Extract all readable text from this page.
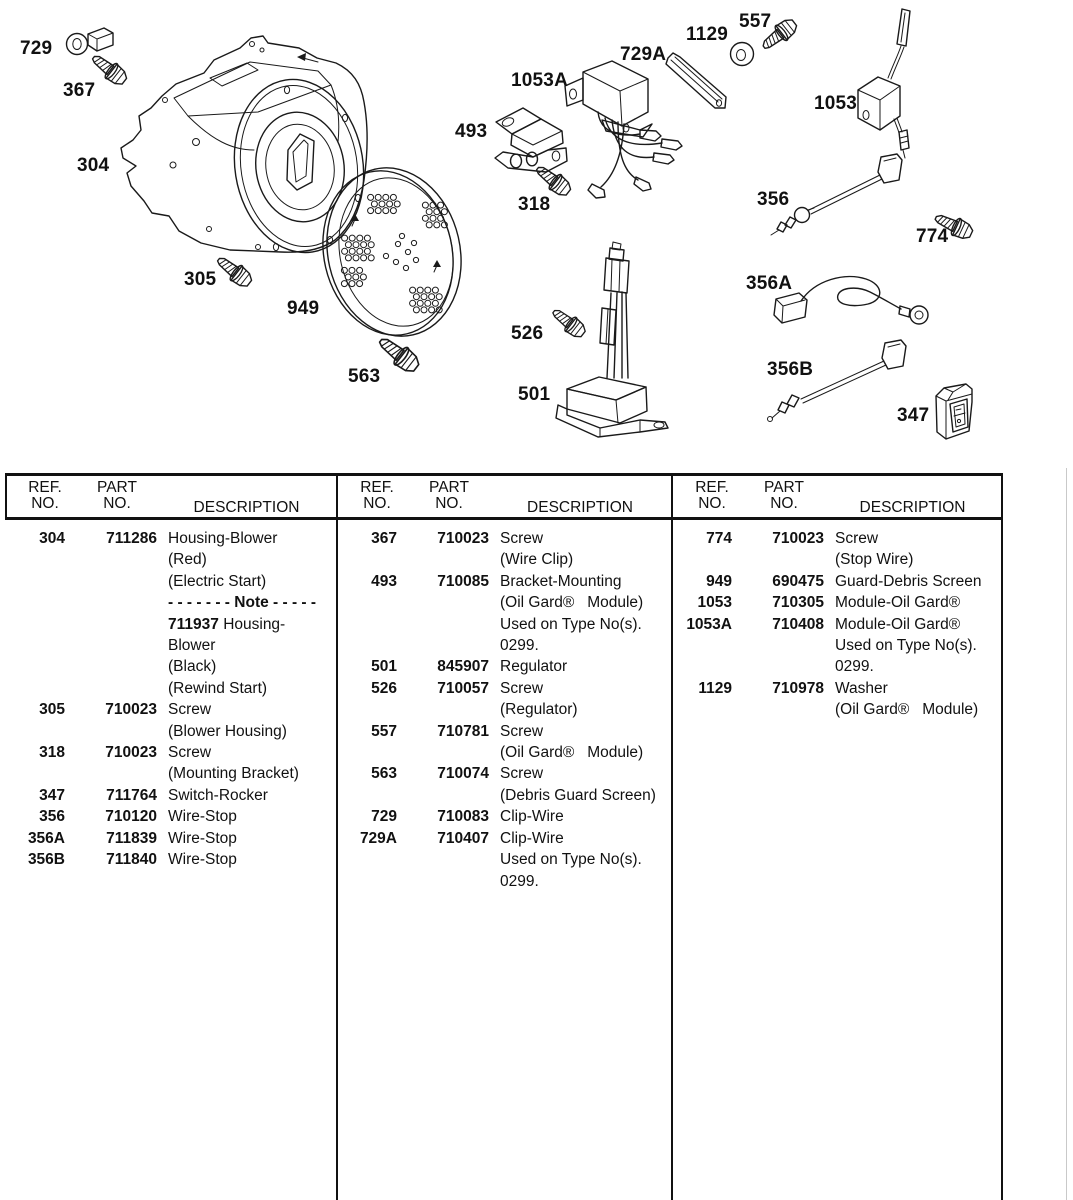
729
367
304
305
949
563
493
318
1053A
526
501
729A
1129
557
1053
356
774
356A
356B
347
REF.
NO.
PART
NO.	DESCRIPTION
304	711286 Housing-Blower
(Red)
(Electric Start)
- - - - - - - Note - - - - -
711937 Housing-
Blower
(Black)
(Rewind Start)
305	710023 Screw
(Blower Housing)
318	710023 Screw
(Mounting Bracket)
347	711764 Switch-Rocker
356	710120 Wire-Stop
356A	711839 Wire-Stop
356B	711840 Wire-Stop
REF.
NO.
PART
NO.	DESCRIPTION
367	710023 Screw
(Wire Clip)
493	710085 Bracket-Mounting
(Oil Gard®   Module)
Used on Type No(s).
0299.
501	845907 Regulator
526	710057 Screw
(Regulator)
557	710781 Screw
(Oil Gard®   Module)
563	710074 Screw
(Debris Guard Screen)
729	710083 Clip-Wire
729A	710407 Clip-Wire
Used on Type No(s).
0299.
REF.
NO.
PART
NO.	DESCRIPTION
774	710023 Screw
(Stop Wire)
949	690475 Guard-Debris Screen
1053	710305 Module-Oil Gard®
1053A	710408 Module-Oil Gard®
Used on Type No(s).
0299.
1129	710978 Washer
(Oil Gard®   Module)
